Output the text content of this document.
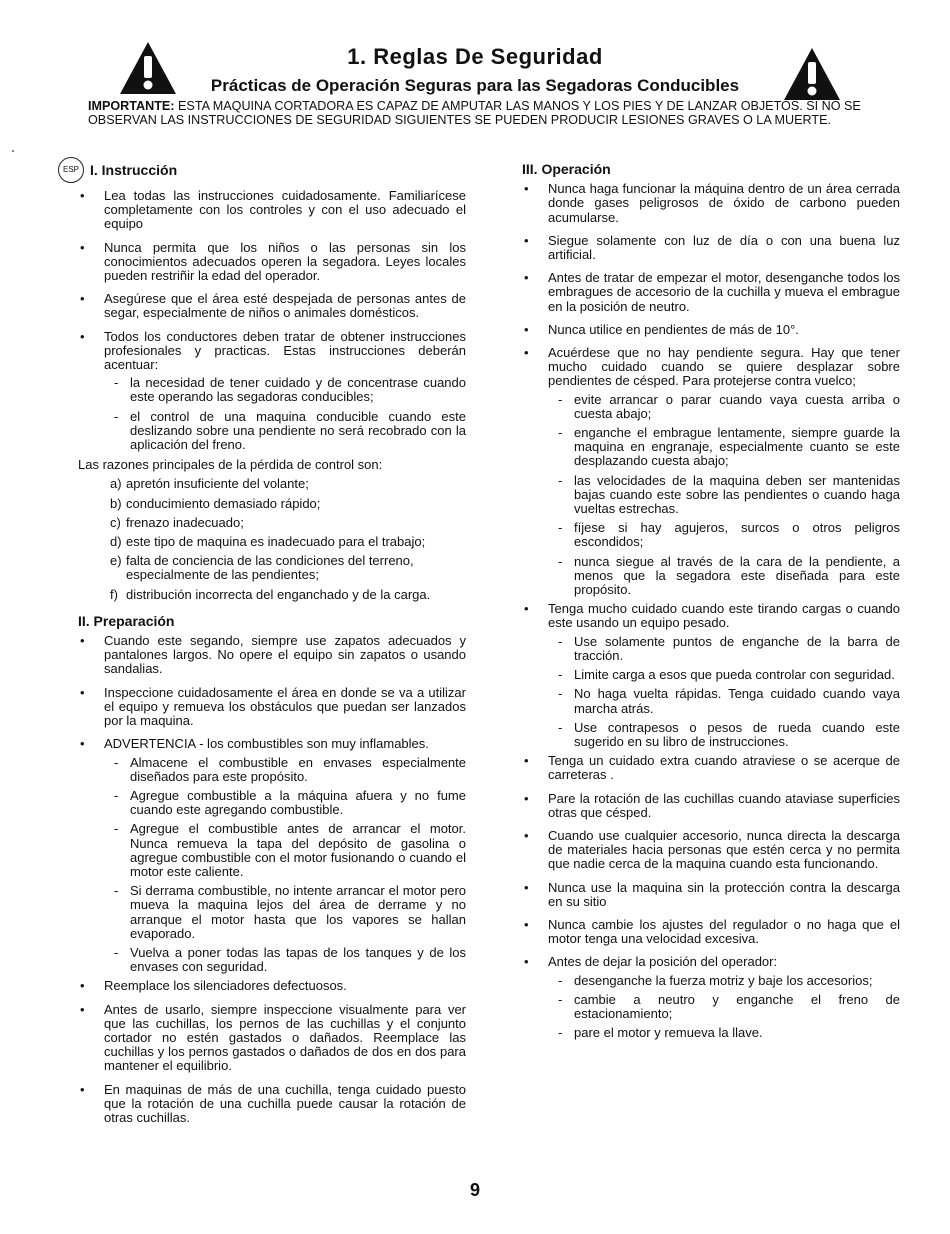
1. Reglas De Seguridad
Prácticas de Operación Seguras para las Segadoras Conducibles
IMPORTANTE: ESTA MAQUINA CORTADORA ES CAPAZ DE AMPUTAR LAS MANOS Y LOS PIES Y DE LANZAR OBJETOS. SI NO SE OBSERVAN LAS INSTRUCCIONES DE SEGURIDAD SIGUIENTES SE PUEDEN PRODUCIR LESIONES GRAVES O LA MUERTE.
ESP I. Instrucción
• Lea todas las instrucciones cuidadosamente. Familiarícese completamente con los controles y con el uso adecuado el equipo
• Nunca permita que los niños o las personas sin los conocimientos adecuados operen la segadora. Leyes locales pueden restriñir la edad del operador.
• Asegúrese que el área esté despejada de personas antes de segar, especialmente de niños o animales domésticos.
• Todos los conductores deben tratar de obtener instrucciones profesionales y practicas. Estas instrucciones deberán acentuar:
- la necesidad de tener cuidado y de concentrase cuando este operando las segadoras conducibles;
- el control de una maquina conducible cuando este deslizando sobre una pendiente no será recobrado con la aplicación del freno.
Las razones principales de la pérdida de control son:
a) apretón insuficiente del volante;
b) conducimiento demasiado rápido;
c) frenazo inadecuado;
d) este tipo de maquina es inadecuado para el trabajo;
e) falta de conciencia de las condiciones del terreno, especialmente de las pendientes;
f) distribución incorrecta del enganchado y de la carga.
II. Preparación
• Cuando este segando, siempre use zapatos adecuados y pantalones largos. No opere el equipo sin zapatos o usando sandalias.
• Inspeccione cuidadosamente el área en donde se va a utilizar el equipo y remueva los obstáculos que puedan ser lanzados por la maquina.
• ADVERTENCIA - los combustibles son muy inflamables.
- Almacene el combustible en envases especialmente diseñados para este propósito.
- Agregue combustible a la máquina afuera y no fume cuando este agregando combustible.
- Agregue el combustible antes de arrancar el motor. Nunca remueva la tapa del depósito de gasolina o agregue combustible con el motor fusionando o cuando el motor este caliente.
- Si derrama combustible, no intente arrancar el motor pero mueva la maquina lejos del área de derrame y no arranque el motor hasta que los vapores se hallan evaporado.
- Vuelva a poner todas las tapas de los tanques y de los envases con seguridad.
• Reemplace los silenciadores defectuosos.
• Antes de usarlo, siempre inspeccione visualmente para ver que las cuchillas, los pernos de las cuchillas y el conjunto cortador no estén gastados o dañados. Reemplace las cuchillas y los pernos gastados o dañados de dos en dos para mantener el equilibrio.
• En maquinas de más de una cuchilla, tenga cuidado puesto que la rotación de una cuchilla puede causar la rotación de otras cuchillas.
III. Operación
• Nunca haga funcionar la máquina dentro de un área cerrada donde gases peligrosos de óxido de carbono pueden acumularse.
• Siegue solamente con luz de día o con una buena luz artificial.
• Antes de tratar de empezar el motor, desenganche todos los embragues de accesorio de la cuchilla y mueva el embrague en la posición de neutro.
• Nunca utilice en pendientes de más de 10°.
• Acuérdese que no hay pendiente segura. Hay que tener mucho cuidado cuando se quiere desplazar sobre pendientes de césped. Para protejerse contra vuelco;
- evite arrancar o parar cuando vaya cuesta arriba o cuesta abajo;
- enganche el embrague lentamente, siempre guarde la maquina en engranaje, especialmente cuanto se este desplazando cuesta abajo;
- las velocidades de la maquina deben ser mantenidas bajas cuando este sobre las pendientes o cuando haga vueltas estrechas.
- fíjese si hay agujeros, surcos o otros peligros escondidos;
- nunca siegue al través de la cara de la pendiente, a menos que la segadora este diseñada para este propósito.
• Tenga mucho cuidado cuando este tirando cargas o cuando este usando un equipo pesado.
- Use solamente puntos de enganche de la barra de tracción.
- Limite carga a esos que pueda controlar con seguridad.
- No haga vuelta rápidas. Tenga cuidado cuando vaya marcha atrás.
- Use contrapesos o pesos de rueda cuando este sugerido en su libro de instrucciones.
• Tenga un cuidado extra cuando atraviese o se acerque de carreteras .
• Pare la rotación de las cuchillas cuando ataviase superficies otras que césped.
• Cuando use cualquier accesorio, nunca directa la descarga de materiales hacia personas que estén cerca y no permita que nadie cerca de la maquina cuando esta funcionando.
• Nunca use la maquina sin la protección contra la descarga en su sitio
• Nunca cambie los ajustes del regulador o no haga que el motor tenga una velocidad excesiva.
• Antes de dejar la posición del operador:
- desenganche la fuerza motriz y baje los accesorios;
- cambie a neutro y enganche el freno de estacionamiento;
- pare el motor y remueva la llave.
9
